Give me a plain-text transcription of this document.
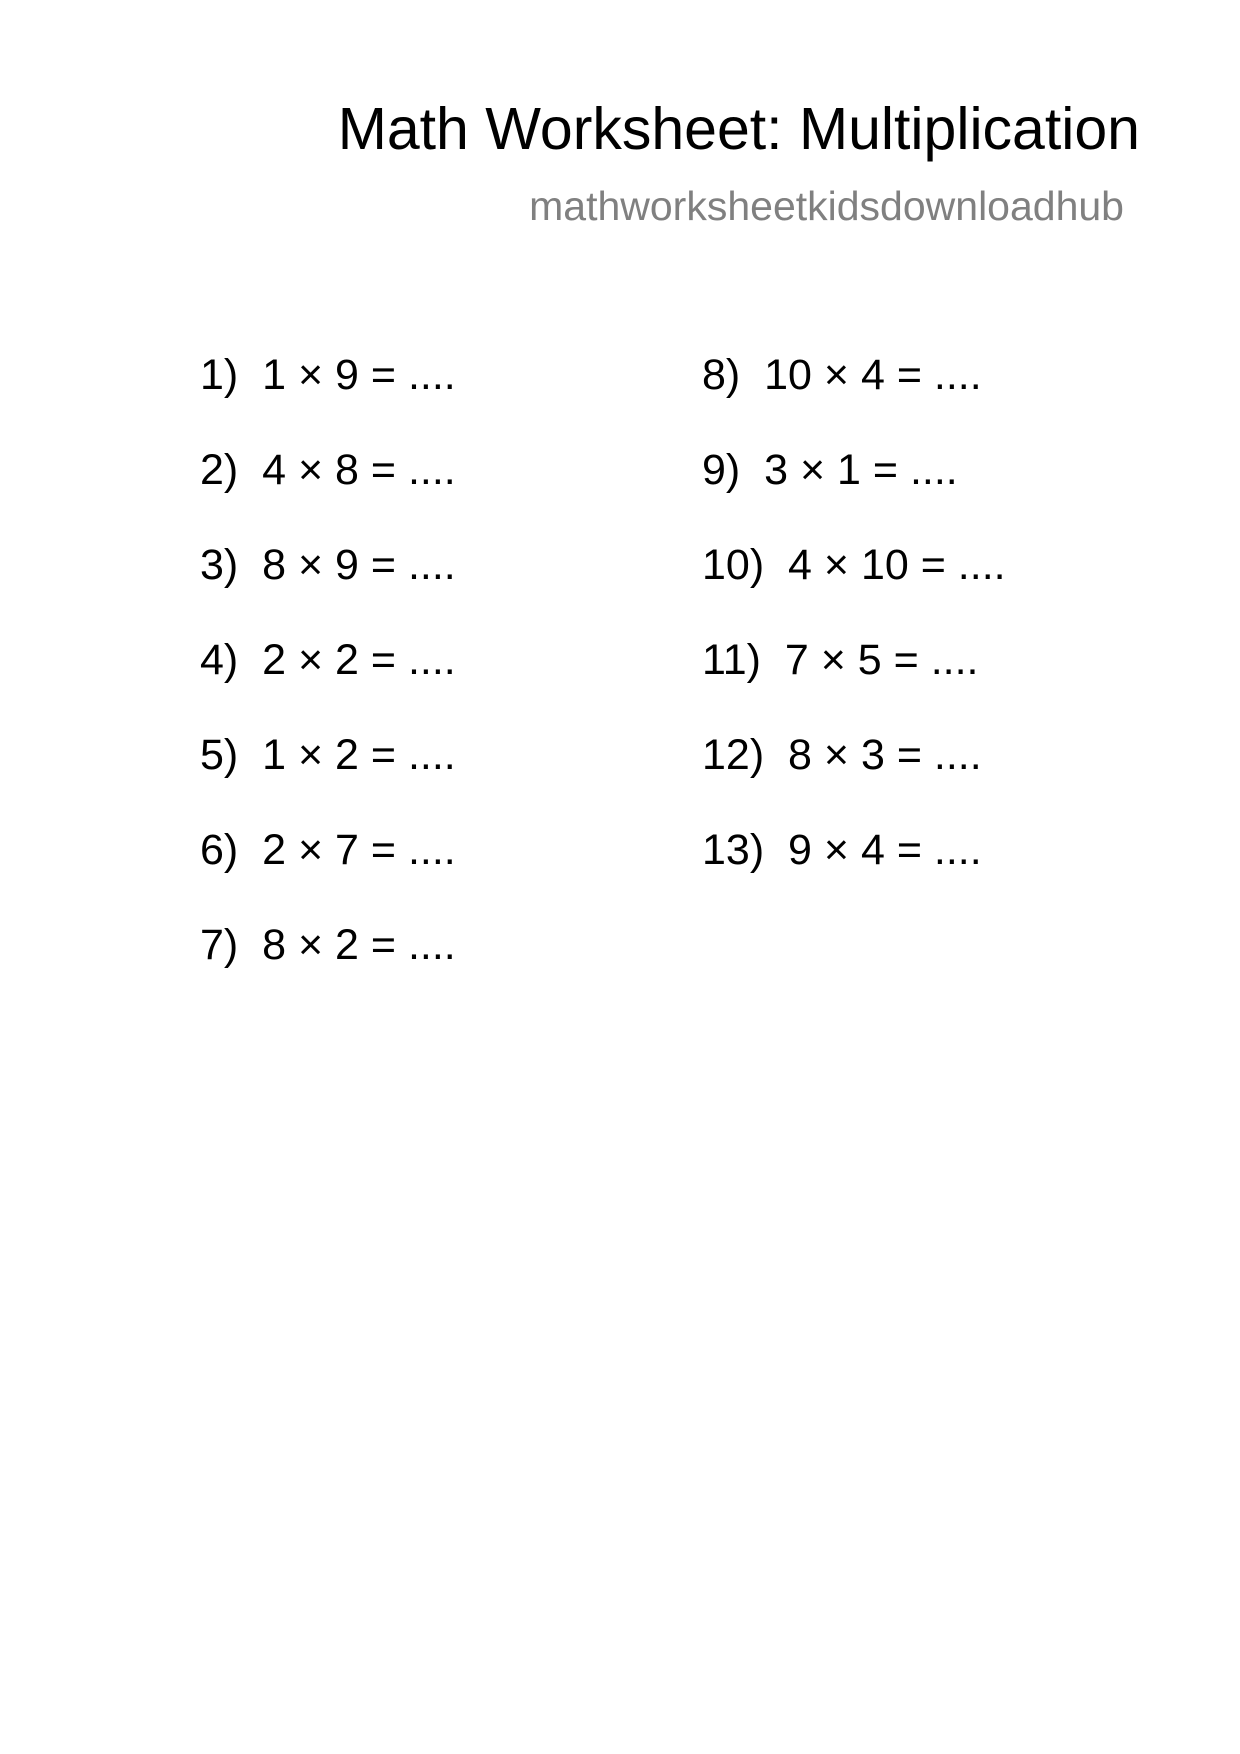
Math Worksheet: Multiplication
mathworksheetkidsdownloadhub
1)  1 × 9 = ....
2)  4 × 8 = ....
3)  8 × 9 = ....
4)  2 × 2 = ....
5)  1 × 2 = ....
6)  2 × 7 = ....
7)  8 × 2 = ....
8)  10 × 4 = ....
9)  3 × 1 = ....
10)  4 × 10 = ....
11)  7 × 5 = ....
12)  8 × 3 = ....
13)  9 × 4 = ....
